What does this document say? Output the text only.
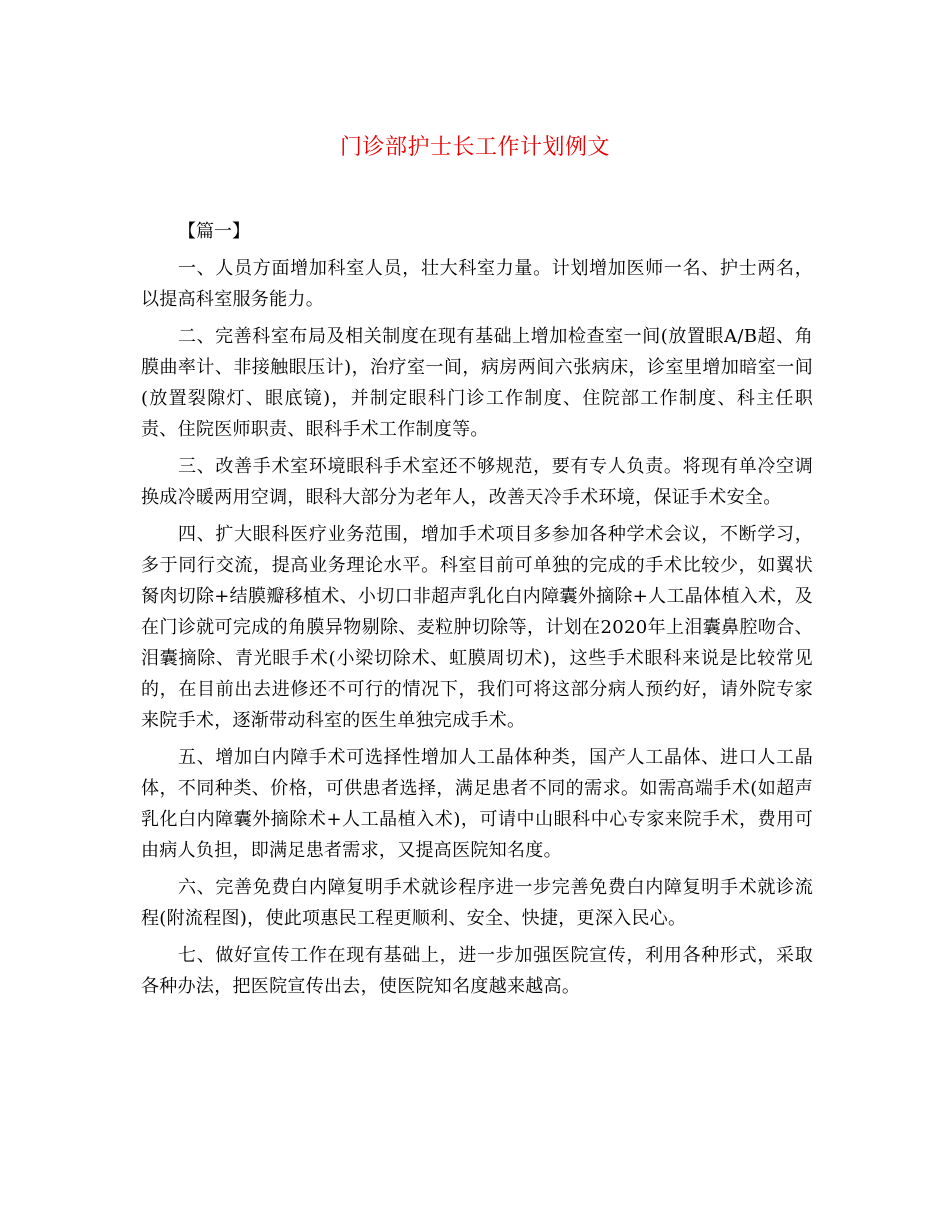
门诊部护士长工作计划例文

【篇一】

一、人员方面增加科室人员，壮大科室力量。计划增加医师一名、护士两名，以提高科室服务能力。

二、完善科室布局及相关制度在现有基础上增加检查室一间(放置眼A/B超、角膜曲率计、非接触眼压计)，治疗室一间，病房两间六张病床，诊室里增加暗室一间(放置裂隙灯、眼底镜)，并制定眼科门诊工作制度、住院部工作制度、科主任职责、住院医师职责、眼科手术工作制度等。

三、改善手术室环境眼科手术室还不够规范，要有专人负责。将现有单冷空调换成冷暖两用空调，眼科大部分为老年人，改善天冷手术环境，保证手术安全。

四、扩大眼科医疗业务范围，增加手术项目多参加各种学术会议，不断学习，多于同行交流，提高业务理论水平。科室目前可单独的完成的手术比较少，如翼状胬肉切除+结膜瓣移植术、小切口非超声乳化白内障囊外摘除+人工晶体植入术，及在门诊就可完成的角膜异物剔除、麦粒肿切除等，计划在2020年上泪囊鼻腔吻合、泪囊摘除、青光眼手术(小梁切除术、虹膜周切术)，这些手术眼科来说是比较常见的，在目前出去进修还不可行的情况下，我们可将这部分病人预约好，请外院专家来院手术，逐渐带动科室的医生单独完成手术。

五、增加白内障手术可选择性增加人工晶体种类，国产人工晶体、进口人工晶体，不同种类、价格，可供患者选择，满足患者不同的需求。如需高端手术(如超声乳化白内障囊外摘除术+人工晶植入术)，可请中山眼科中心专家来院手术，费用可由病人负担，即满足患者需求，又提高医院知名度。

六、完善免费白内障复明手术就诊程序进一步完善免费白内障复明手术就诊流程(附流程图)，使此项惠民工程更顺利、安全、快捷，更深入民心。

七、做好宣传工作在现有基础上，进一步加强医院宣传，利用各种形式，采取各种办法，把医院宣传出去，使医院知名度越来越高。
